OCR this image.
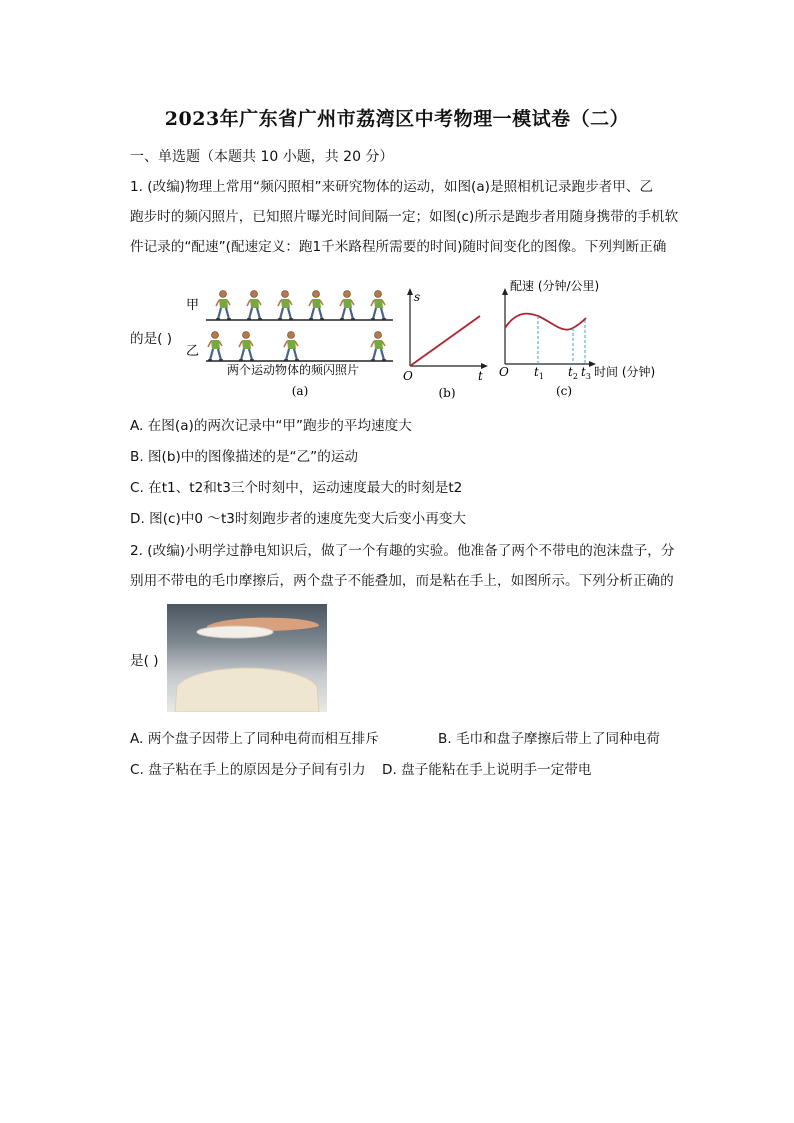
2023年广东省广州市荔湾区中考物理一模试卷（二）
一、单选题（本题共 10 小题，共 20 分）
1. (改编)物理上常用“频闪照相”来研究物体的运动，如图(a)是照相机记录跑步者甲、乙
跑步时的频闪照片，已知照片曝光时间间隔一定；如图(c)所示是跑步者用随身携带的手机软
件记录的“配速”(配速定义：跑1千米路程所需要的时间)随时间变化的图像。下列判断正确
的是( )
甲
乙
两个运动物体的频闪照片
(a)
s
t
O
(b)
配速 (分钟/公里)
O $t_1$ $t_2$ $t_3$ 时间 (分钟)
(c)
A. 在图(a)的两次记录中“甲”跑步的平均速度大
B. 图(b)中的图像描述的是“乙”的运动
C. 在t1、t2和t3三个时刻中，运动速度最大的时刻是t2
D. 图(c)中0 ～t3时刻跑步者的速度先变大后变小再变大
2. (改编)小明学过静电知识后，做了一个有趣的实验。他准备了两个不带电的泡沫盘子，分
别用不带电的毛巾摩擦后，两个盘子不能叠加，而是粘在手上，如图所示。下列分析正确的
是( )
A. 两个盘子因带上了同种电荷而相互排斥	B. 毛巾和盘子摩擦后带上了同种电荷
C. 盘子粘在手上的原因是分子间有引力 D. 盘子能粘在手上说明手一定带电
